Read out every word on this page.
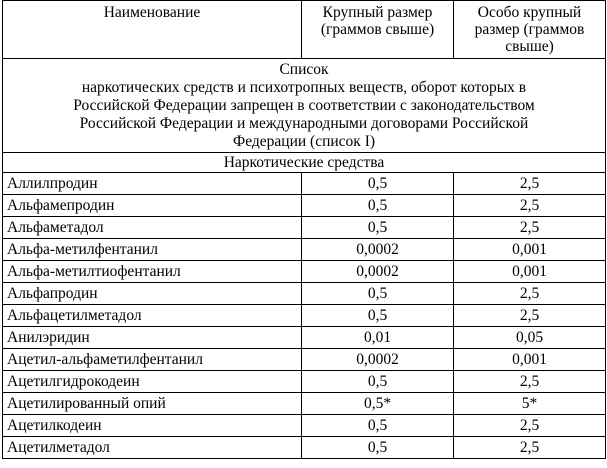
Наименование	Крупный размер (граммов свыше)	Особо крупный размер (граммов свыше)

Список
наркотических средств и психотропных веществ, оборот которых в
Российской Федерации запрещен в соответствии с законодательством
Российской Федерации и международными договорами Российской
Федерации (список I)		

Наркотические средства		
Аллилпродин	0,5	2,5
Альфамепродин	0,5	2,5
Альфаметадол	0,5	2,5
Альфа-метилфентанил	0,0002	0,001
Альфа-метилтиофентанил	0,0002	0,001
Альфапродин	0,5	2,5
Альфацетилметадол	0,5	2,5
Анилэридин	0,01	0,05
Ацетил-альфаметилфентанил	0,0002	0,001
Ацетилгидрокодеин	0,5	2,5
Ацетилированный опий	0,5*	5*
Ацетилкодеин	0,5	2,5
Ацетилметадол	0,5	2,5
